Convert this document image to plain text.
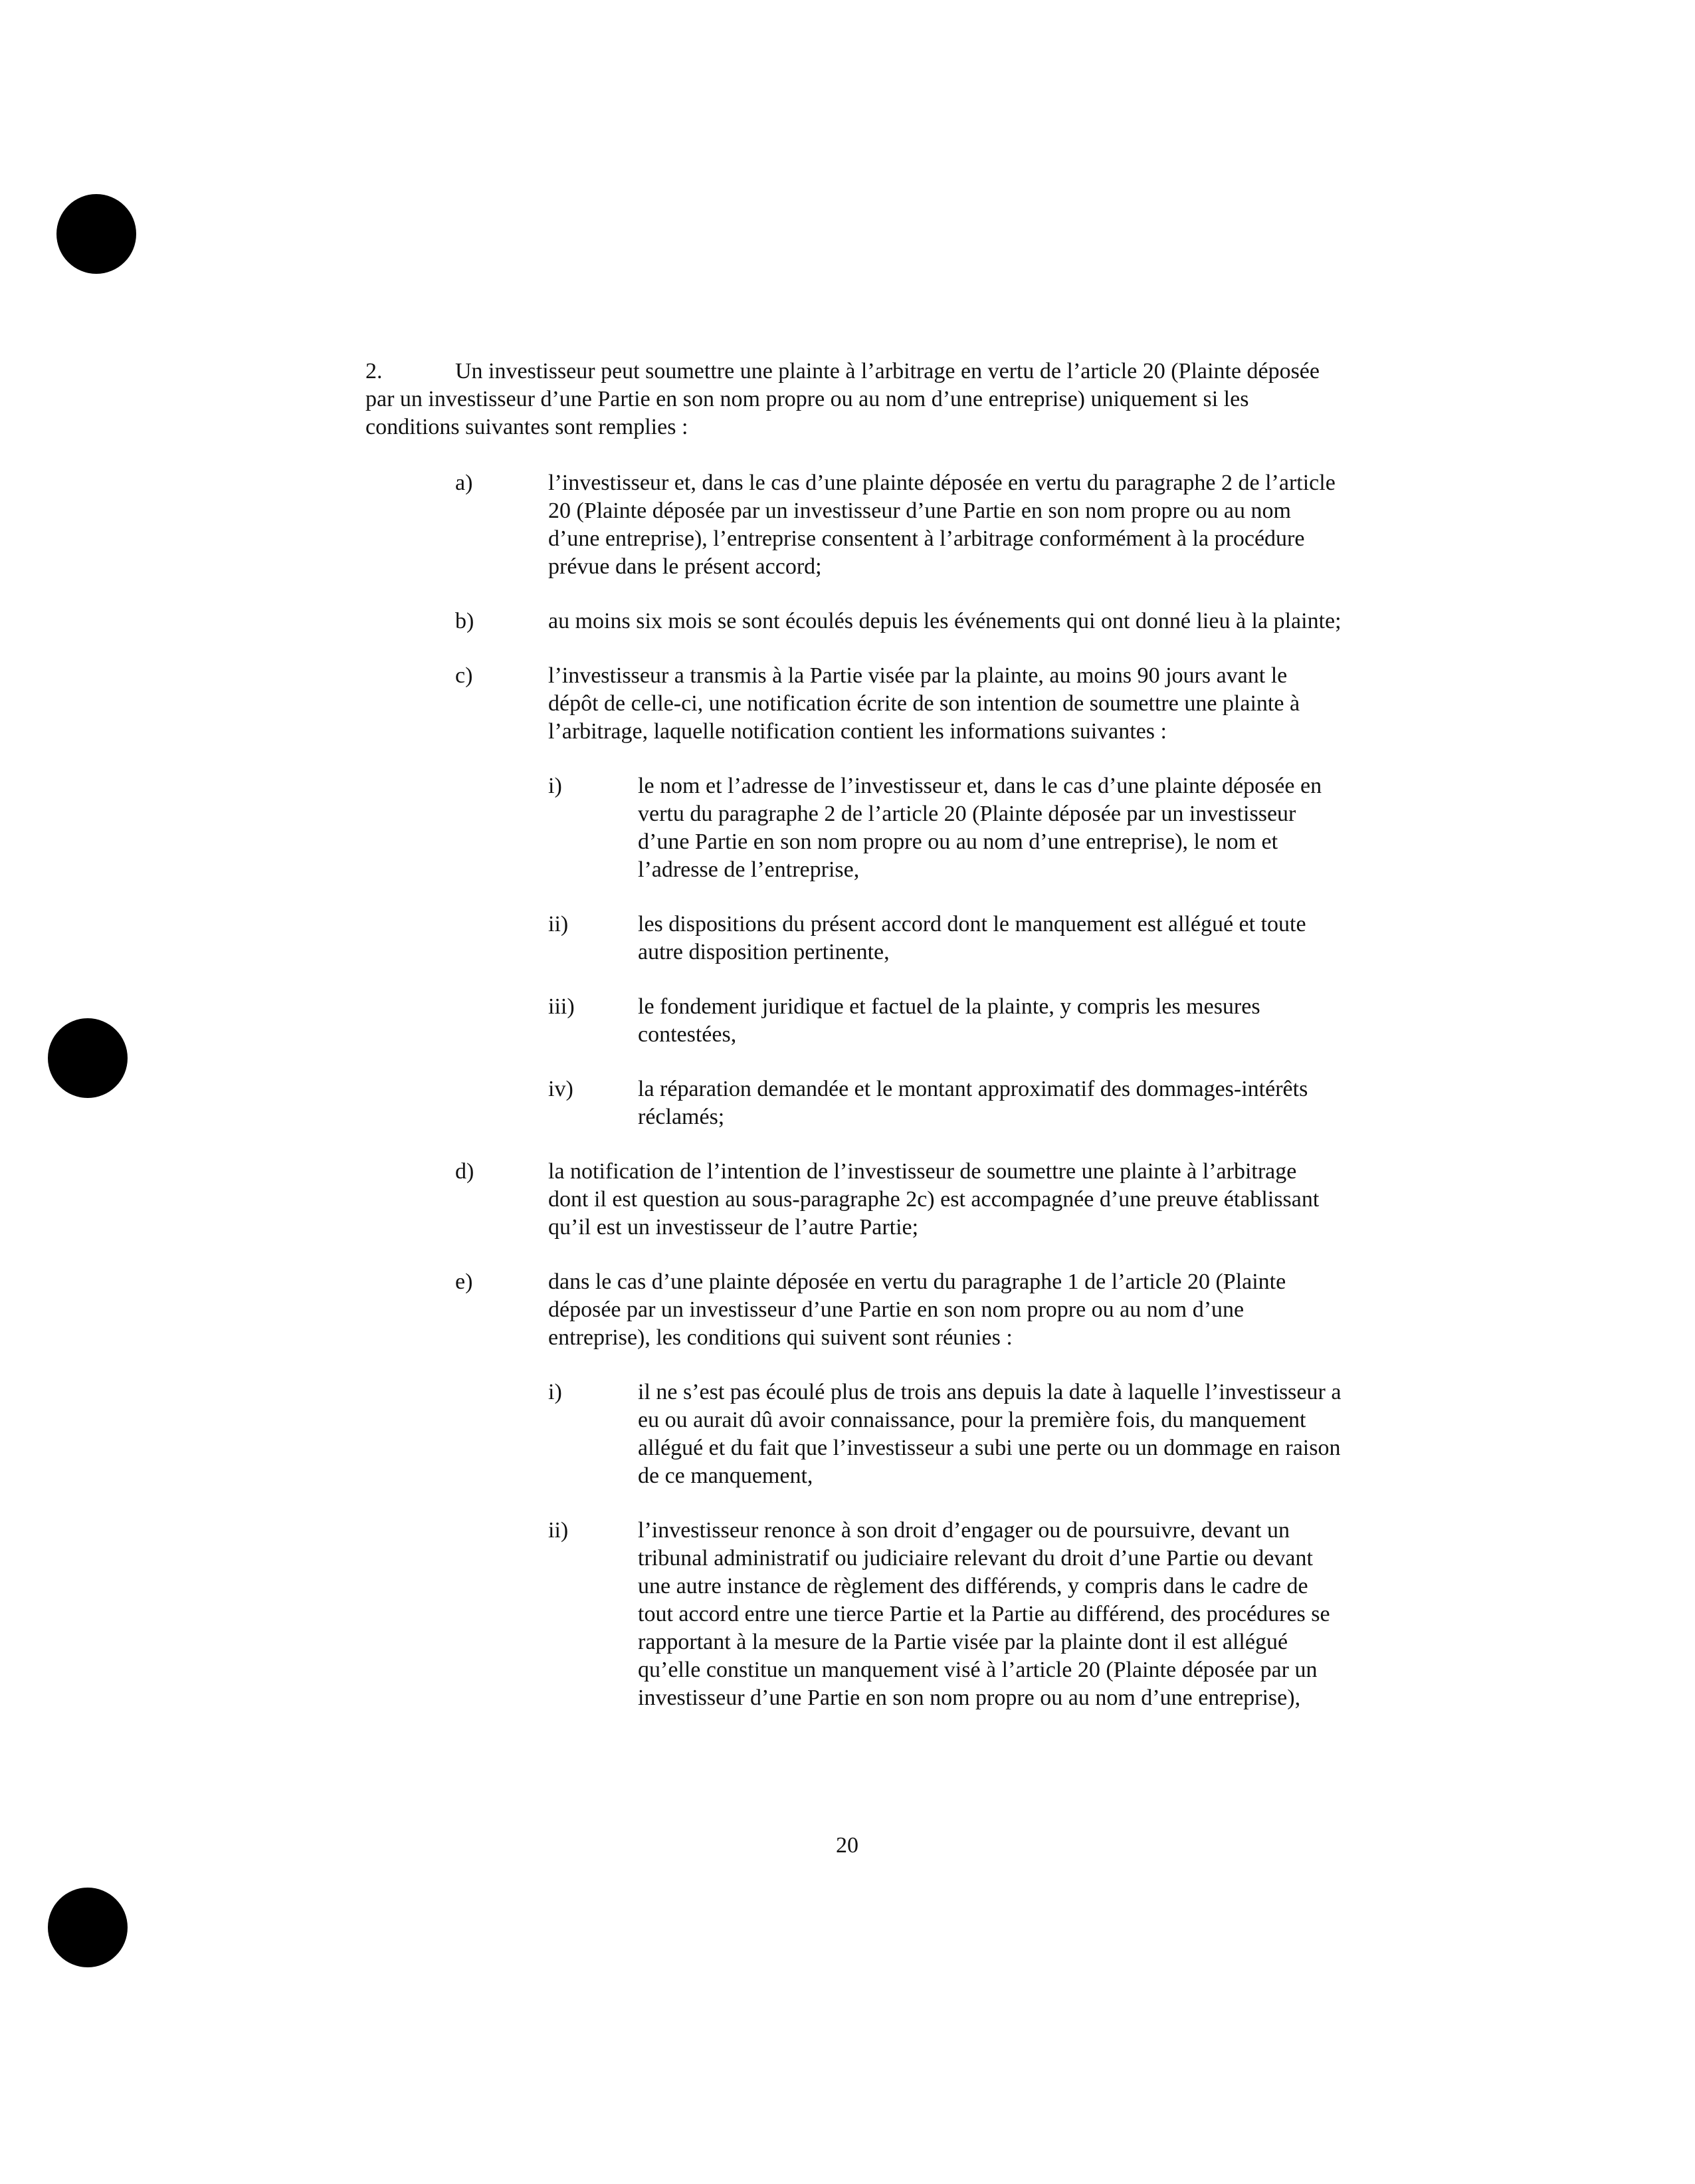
2.	Un investisseur peut soumettre une plainte à l’arbitrage en vertu de l’article 20 (Plainte déposée par un investisseur d’une Partie en son nom propre ou au nom d’une entreprise) uniquement si les conditions suivantes sont remplies :

a)	l’investisseur et, dans le cas d’une plainte déposée en vertu du paragraphe 2 de l’article 20 (Plainte déposée par un investisseur d’une Partie en son nom propre ou au nom d’une entreprise), l’entreprise consentent à l’arbitrage conformément à la procédure prévue dans le présent accord;
b)	au moins six mois se sont écoulés depuis les événements qui ont donné lieu à la plainte;
c)	l’investisseur a transmis à la Partie visée par la plainte, au moins 90 jours avant le dépôt de celle-ci, une notification écrite de son intention de soumettre une plainte à l’arbitrage, laquelle notification contient les informations suivantes :
i)	le nom et l’adresse de l’investisseur et, dans le cas d’une plainte déposée en vertu du paragraphe 2 de l’article 20 (Plainte déposée par un investisseur d’une Partie en son nom propre ou au nom d’une entreprise), le nom et l’adresse de l’entreprise,
ii)	les dispositions du présent accord dont le manquement est allégué et toute autre disposition pertinente,
iii)	le fondement juridique et factuel de la plainte, y compris les mesures contestées,
iv)	la réparation demandée et le montant approximatif des dommages-intérêts réclamés;
d)	la notification de l’intention de l’investisseur de soumettre une plainte à l’arbitrage dont il est question au sous-paragraphe 2c) est accompagnée d’une preuve établissant qu’il est un investisseur de l’autre Partie;
e)	dans le cas d’une plainte déposée en vertu du paragraphe 1 de l’article 20 (Plainte déposée par un investisseur d’une Partie en son nom propre ou au nom d’une entreprise), les conditions qui suivent sont réunies :
i)	il ne s’est pas écoulé plus de trois ans depuis la date à laquelle l’investisseur a eu ou aurait dû avoir connaissance, pour la première fois, du manquement allégué et du fait que l’investisseur a subi une perte ou un dommage en raison de ce manquement,
ii)	l’investisseur renonce à son droit d’engager ou de poursuivre, devant un tribunal administratif ou judiciaire relevant du droit d’une Partie ou devant une autre instance de règlement des différends, y compris dans le cadre de tout accord entre une tierce Partie et la Partie au différend, des procédures se rapportant à la mesure de la Partie visée par la plainte dont il est allégué qu’elle constitue un manquement visé à l’article 20 (Plainte déposée par un investisseur d’une Partie en son nom propre ou au nom d’une entreprise),
20
